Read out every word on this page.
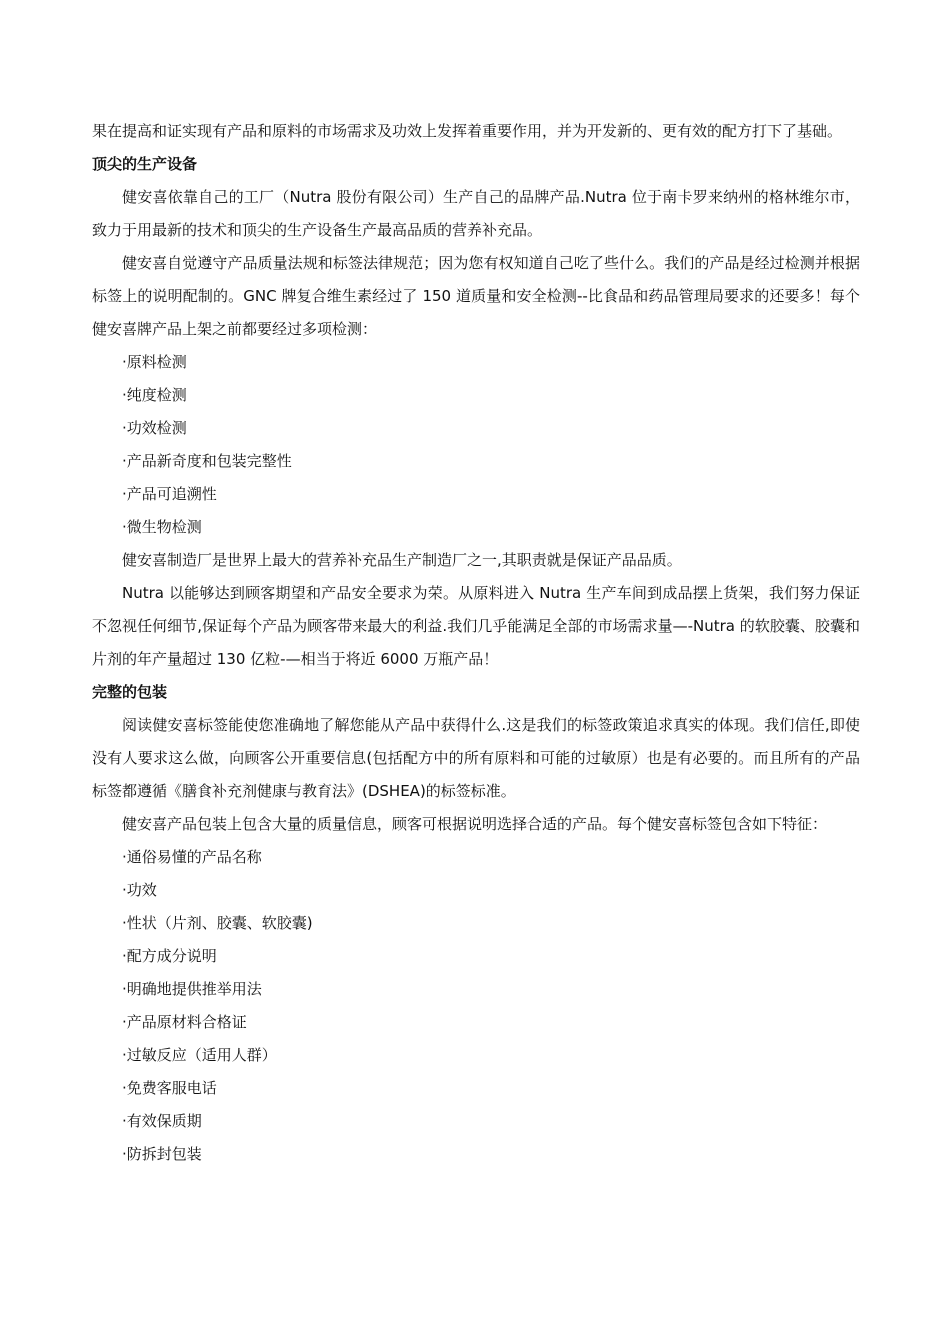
果在提高和证实现有产品和原料的市场需求及功效上发挥着重要作用，并为开发新的、更有效的配方打下了基础。

顶尖的生产设备

健安喜依靠自己的工厂（Nutra 股份有限公司）生产自己的品牌产品.Nutra 位于南卡罗来纳州的格林维尔市，致力于用最新的技术和顶尖的生产设备生产最高品质的营养补充品。

健安喜自觉遵守产品质量法规和标签法律规范；因为您有权知道自己吃了些什么。我们的产品是经过检测并根据标签上的说明配制的。GNC 牌复合维生素经过了 150 道质量和安全检测--比食品和药品管理局要求的还要多！每个健安喜牌产品上架之前都要经过多项检测：

·原料检测

·纯度检测

·功效检测

·产品新奇度和包装完整性

·产品可追溯性

·微生物检测

健安喜制造厂是世界上最大的营养补充品生产制造厂之一,其职责就是保证产品品质。

Nutra 以能够达到顾客期望和产品安全要求为荣。从原料进入 Nutra 生产车间到成品摆上货架，我们努力保证不忽视任何细节,保证每个产品为顾客带来最大的利益.我们几乎能满足全部的市场需求量—-Nutra 的软胶囊、胶囊和片剂的年产量超过 130 亿粒-—相当于将近 6000 万瓶产品！

完整的包装

阅读健安喜标签能使您准确地了解您能从产品中获得什么.这是我们的标签政策追求真实的体现。我们信任,即使没有人要求这么做，向顾客公开重要信息(包括配方中的所有原料和可能的过敏原）也是有必要的。而且所有的产品标签都遵循《膳食补充剂健康与教育法》(DSHEA)的标签标准。

健安喜产品包装上包含大量的质量信息，顾客可根据说明选择合适的产品。每个健安喜标签包含如下特征：

·通俗易懂的产品名称

·功效

·性状（片剂、胶囊、软胶囊)

·配方成分说明

·明确地提供推举用法

·产品原材料合格证

·过敏反应（适用人群）

·免费客服电话

·有效保质期

·防拆封包装
